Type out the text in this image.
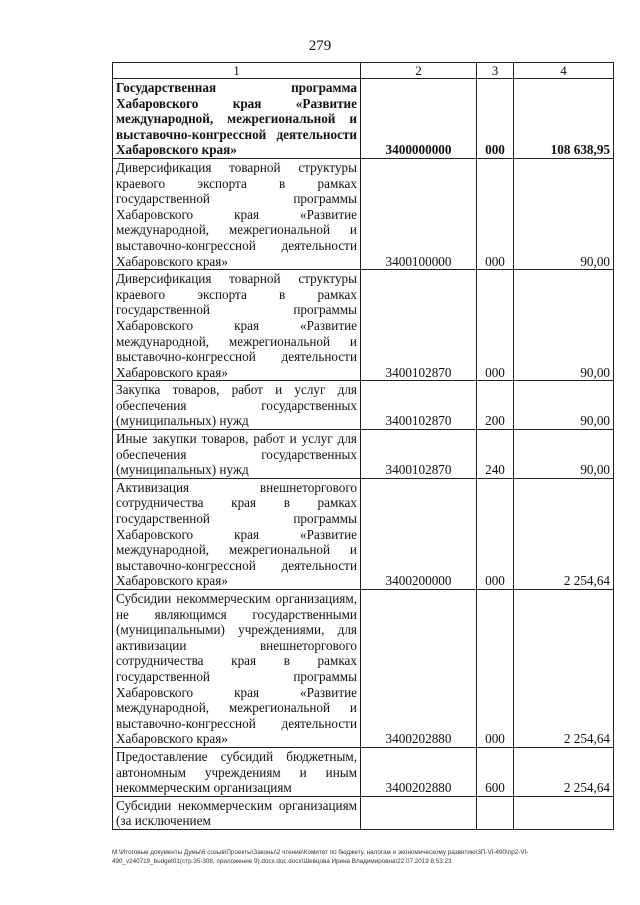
279
1	2	3	4
Государственная программа Хабаровского края «Развитие международной, межрегиональной и выставочно-конгрессной деятельности Хабаровского края»	3400000000	000	108 638,95
Диверсификация товарной структуры краевого экспорта в рамках государственной программы Хабаровского края «Развитие международной, межрегиональной и выставочно-конгрессной деятельности Хабаровского края»	3400100000	000	90,00
Диверсификация товарной структуры краевого экспорта в рамках государственной программы Хабаровского края «Развитие международной, межрегиональной и выставочно-конгрессной деятельности Хабаровского края»	3400102870	000	90,00
Закупка товаров, работ и услуг для обеспечения государственных (муниципальных) нужд	3400102870	200	90,00
Иные закупки товаров, работ и услуг для обеспечения государственных (муниципальных) нужд	3400102870	240	90,00
Активизация внешнеторгового сотрудничества края в рамках государственной программы Хабаровского края «Развитие международной, межрегиональной и выставочно-конгрессной деятельности Хабаровского края»	3400200000	000	2 254,64
Субсидии некоммерческим организациям, не являющимся государственными (муниципальными) учреждениями, для активизации внешнеторгового сотрудничества края в рамках государственной программы Хабаровского края «Развитие международной, межрегиональной и выставочно-конгрессной деятельности Хабаровского края»	3400202880	000	2 254,64
Предоставление субсидий бюджетным, автономным учреждениям и иным некоммерческим организациям	3400202880	600	2 254,64
Субсидии некоммерческим организациям (за исключением			
М:\Итоговые документы Думы\6 созыв\Проекты\Законы\2 чтение\Комитет по бюджету, налогам и экономическому развитию\3П-VI-490\пр2-VI-490_v240719_budget01(стр.35-308, приложение 9).docx.doc.docx\Шевцова Ирина Владимировна\22.07.2019 8:53:23
